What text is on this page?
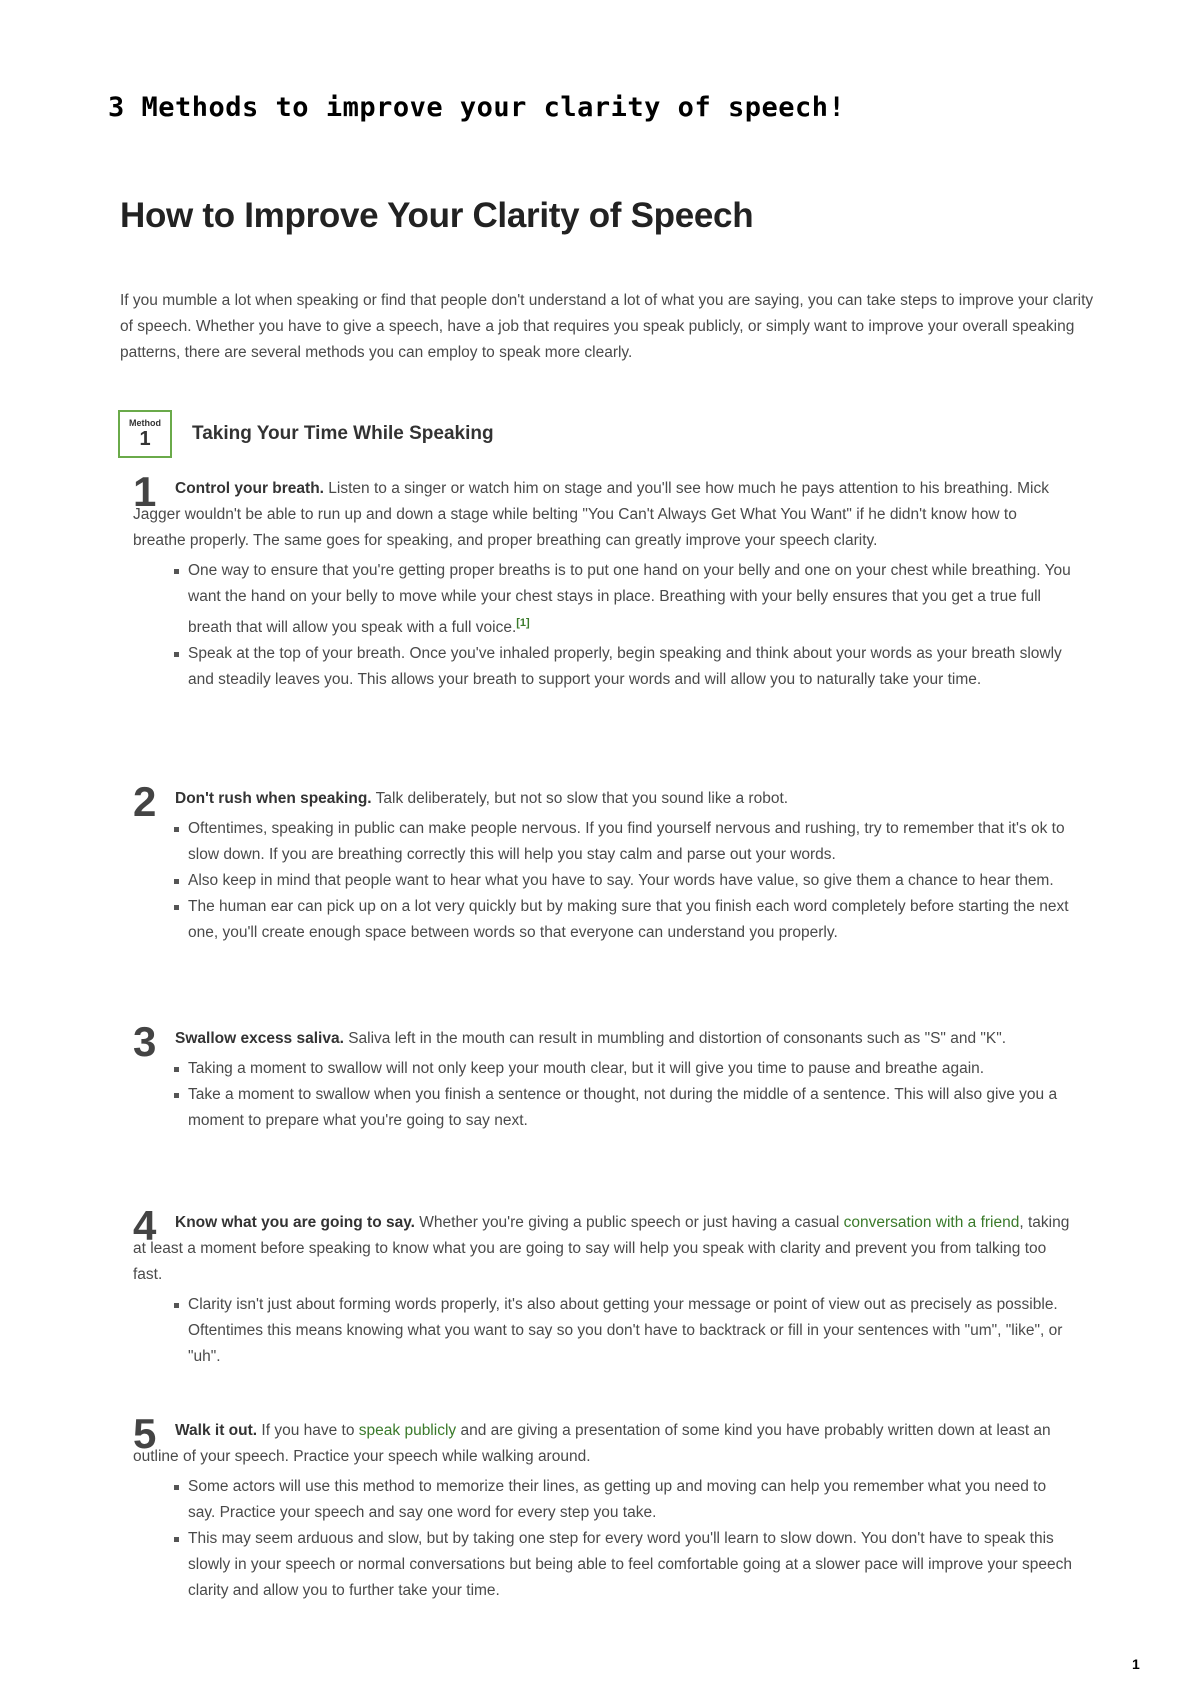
3 Methods to improve your clarity of speech!
How to Improve Your Clarity of Speech

If you mumble a lot when speaking or find that people don't understand a lot of what you are saying, you can take steps to improve your clarity of speech. Whether you have to give a speech, have a job that requires you speak publicly, or simply want to improve your overall speaking patterns, there are several methods you can employ to speak more clearly.

Method
1	Taking Your Time While Speaking
1	Control your breath. Listen to a singer or watch him on stage and you'll see how much he pays attention to his breathing. Mick Jagger wouldn't be able to run up and down a stage while belting "You Can't Always Get What You Want" if he didn't know how to breathe properly. The same goes for speaking, and proper breathing can greatly improve your speech clarity.

One way to ensure that you're getting proper breaths is to put one hand on your belly and one on your chest while breathing. You want the hand on your belly to move while your chest stays in place. Breathing with your belly ensures that you get a true full breath that will allow you speak with a full voice.[1]
Speak at the top of your breath. Once you've inhaled properly, begin speaking and think about your words as your breath slowly and steadily leaves you. This allows your breath to support your words and will allow you to naturally take your time.
2	Don't rush when speaking. Talk deliberately, but not so slow that you sound like a robot.

Oftentimes, speaking in public can make people nervous. If you find yourself nervous and rushing, try to remember that it's ok to slow down. If you are breathing correctly this will help you stay calm and parse out your words.
Also keep in mind that people want to hear what you have to say. Your words have value, so give them a chance to hear them.
The human ear can pick up on a lot very quickly but by making sure that you finish each word completely before starting the next one, you'll create enough space between words so that everyone can understand you properly.
3	Swallow excess saliva. Saliva left in the mouth can result in mumbling and distortion of consonants such as "S" and "K".

Taking a moment to swallow will not only keep your mouth clear, but it will give you time to pause and breathe again.
Take a moment to swallow when you finish a sentence or thought, not during the middle of a sentence. This will also give you a moment to prepare what you're going to say next.
4	Know what you are going to say. Whether you're giving a public speech or just having a casual conversation with a friend, taking at least a moment before speaking to know what you are going to say will help you speak with clarity and prevent you from talking too fast.

Clarity isn't just about forming words properly, it's also about getting your message or point of view out as precisely as possible. Oftentimes this means knowing what you want to say so you don't have to backtrack or fill in your sentences with "um", "like", or "uh".
5	Walk it out. If you have to speak publicly and are giving a presentation of some kind you have probably written down at least an outline of your speech. Practice your speech while walking around.

Some actors will use this method to memorize their lines, as getting up and moving can help you remember what you need to say. Practice your speech and say one word for every step you take.
This may seem arduous and slow, but by taking one step for every word you'll learn to slow down. You don't have to speak this slowly in your speech or normal conversations but being able to feel comfortable going at a slower pace will improve your speech clarity and allow you to further take your time.
1
